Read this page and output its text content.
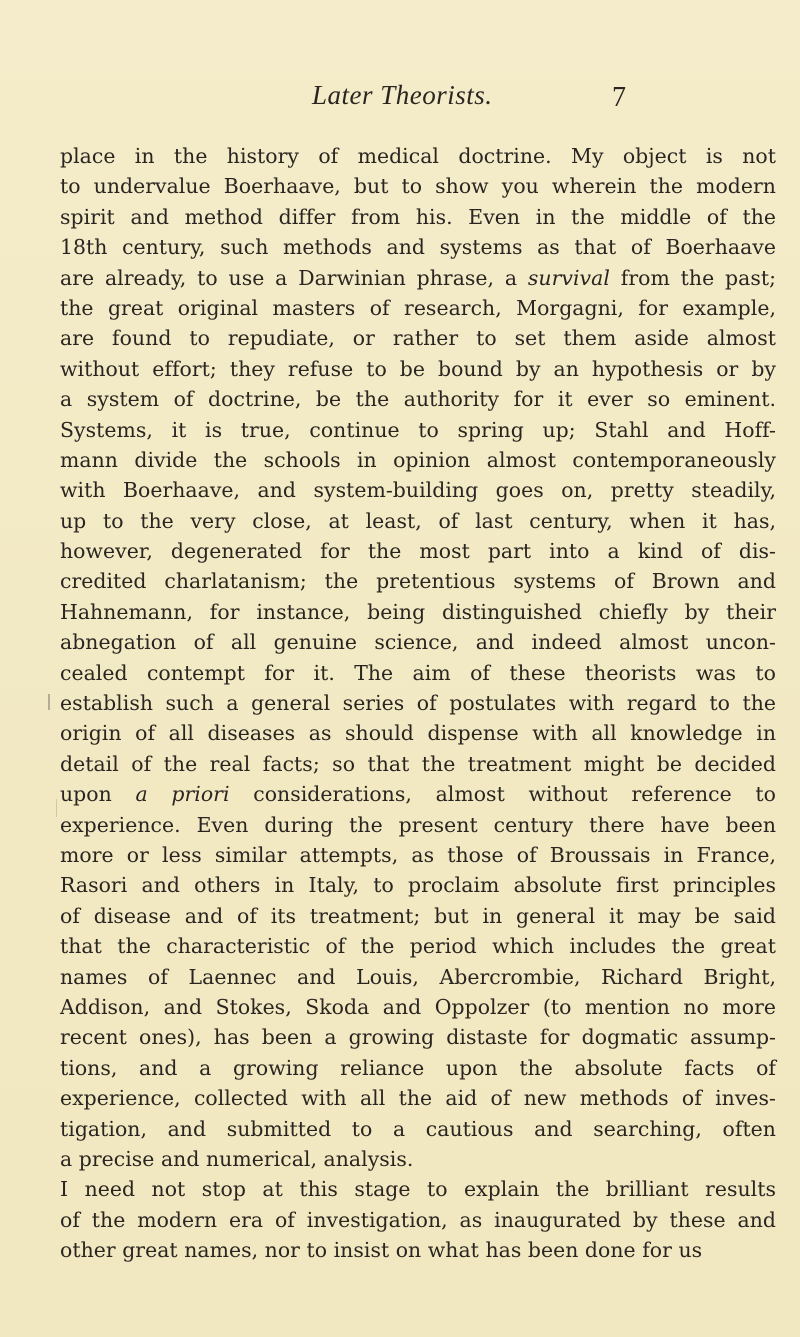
Later Theorists.	7
place in the history of medical doctrine. My object is not
to undervalue Boerhaave, but to show you wherein the modern
spirit and method differ from his. Even in the middle of the
18th century, such methods and systems as that of Boerhaave
are already, to use a Darwinian phrase, a survival from the past;
the great original masters of research, Morgagni, for example,
are found to repudiate, or rather to set them aside almost
without effort; they refuse to be bound by an hypothesis or by
a system of doctrine, be the authority for it ever so eminent.
Systems, it is true, continue to spring up; Stahl and Hoff-
mann divide the schools in opinion almost contemporaneously
with Boerhaave, and system-building goes on, pretty steadily,
up to the very close, at least, of last century, when it has,
however, degenerated for the most part into a kind of dis-
credited charlatanism; the pretentious systems of Brown and
Hahnemann, for instance, being distinguished chiefly by their
abnegation of all genuine science, and indeed almost uncon-
cealed contempt for it. The aim of these theorists was to
establish such a general series of postulates with regard to the
origin of all diseases as should dispense with all knowledge in
detail of the real facts; so that the treatment might be decided
upon a priori considerations, almost without reference to
experience. Even during the present century there have been
more or less similar attempts, as those of Broussais in France,
Rasori and others in Italy, to proclaim absolute first principles
of disease and of its treatment; but in general it may be said
that the characteristic of the period which includes the great
names of Laennec and Louis, Abercrombie, Richard Bright,
Addison, and Stokes, Skoda and Oppolzer (to mention no more
recent ones), has been a growing distaste for dogmatic assump-
tions, and a growing reliance upon the absolute facts of
experience, collected with all the aid of new methods of inves-
tigation, and submitted to a cautious and searching, often
a precise and numerical, analysis.
I need not stop at this stage to explain the brilliant results
of the modern era of investigation, as inaugurated by these and
other great names, nor to insist on what has been done for us
